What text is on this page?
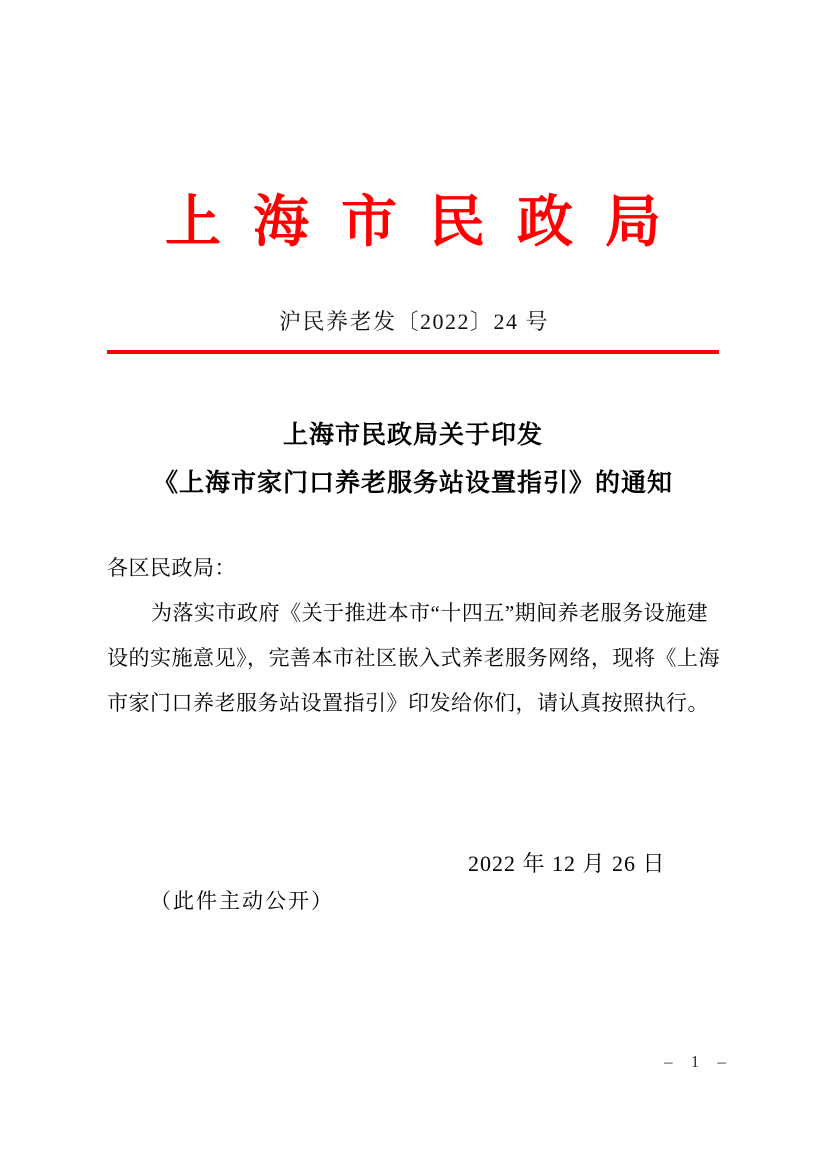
上海市民政局
沪民养老发〔2022〕24 号
上海市民政局关于印发
《上海市家门口养老服务站设置指引》的通知
各区民政局：
为落实市政府《关于推进本市“十四五”期间养老服务设施建
设的实施意见》，完善本市社区嵌入式养老服务网络，现将《上海
市家门口养老服务站设置指引》印发给你们，请认真按照执行。
2022 年 12 月 26 日
（此件主动公开）
– 1 –
